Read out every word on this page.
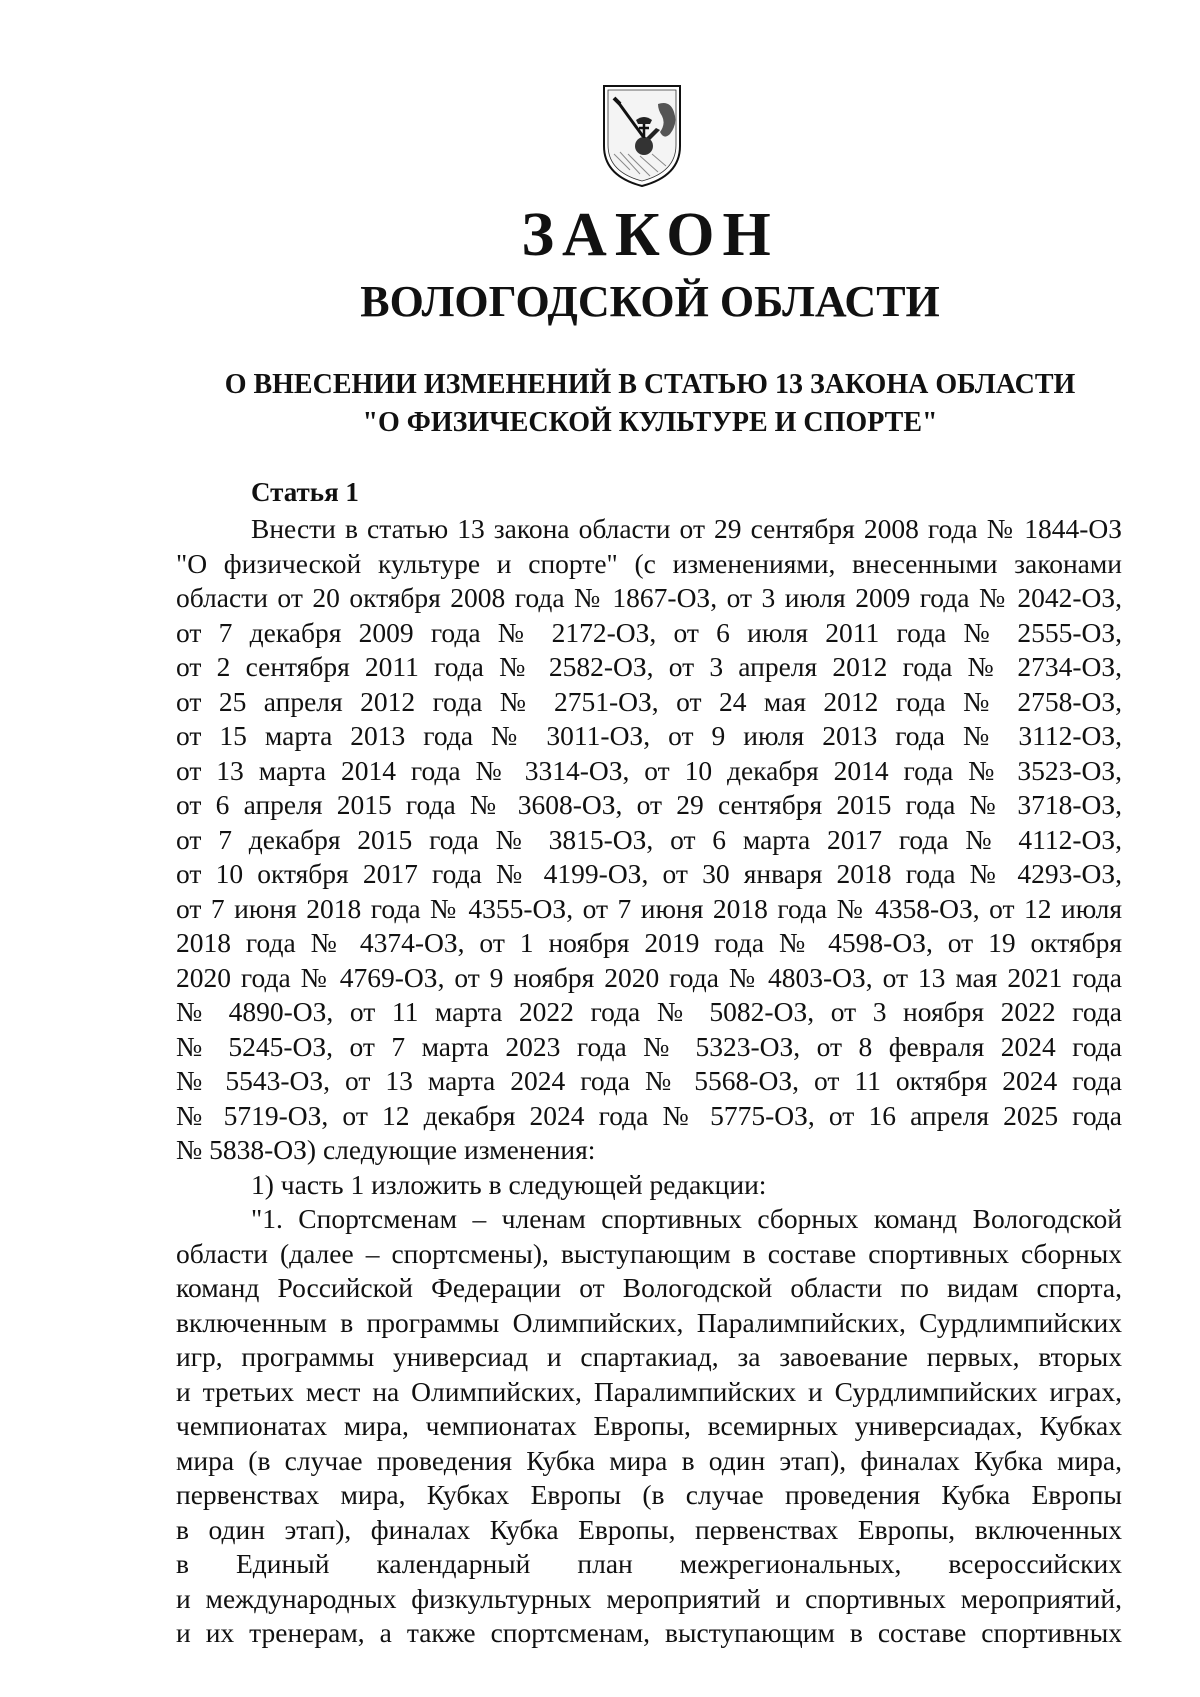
ЗАКОН
ВОЛОГОДСКОЙ ОБЛАСТИ
О ВНЕСЕНИИ ИЗМЕНЕНИЙ В СТАТЬЮ 13 ЗАКОНА ОБЛАСТИ
"О ФИЗИЧЕСКОЙ КУЛЬТУРЕ И СПОРТЕ"
Статья 1
Внести в статью 13 закона области от 29 сентября 2008 года № 1844-ОЗ
"О физической культуре и спорте" (с изменениями, внесенными законами
области от 20 октября 2008 года № 1867-ОЗ, от 3 июля 2009 года № 2042-ОЗ,
от 7 декабря 2009 года № 2172-ОЗ, от 6 июля 2011 года № 2555-ОЗ,
от 2 сентября 2011 года № 2582-ОЗ, от 3 апреля 2012 года № 2734-ОЗ,
от 25 апреля 2012 года № 2751-ОЗ, от 24 мая 2012 года № 2758-ОЗ,
от 15 марта 2013 года № 3011-ОЗ, от 9 июля 2013 года № 3112-ОЗ,
от 13 марта 2014 года № 3314-ОЗ, от 10 декабря 2014 года № 3523-ОЗ,
от 6 апреля 2015 года № 3608-ОЗ, от 29 сентября 2015 года № 3718-ОЗ,
от 7 декабря 2015 года № 3815-ОЗ, от 6 марта 2017 года № 4112-ОЗ,
от 10 октября 2017 года № 4199-ОЗ, от 30 января 2018 года № 4293-ОЗ,
от 7 июня 2018 года № 4355-ОЗ, от 7 июня 2018 года № 4358-ОЗ, от 12 июля
2018 года № 4374-ОЗ, от 1 ноября 2019 года № 4598-ОЗ, от 19 октября
2020 года № 4769-ОЗ, от 9 ноября 2020 года № 4803-ОЗ, от 13 мая 2021 года
№ 4890-ОЗ, от 11 марта 2022 года № 5082-ОЗ, от 3 ноября 2022 года
№ 5245-ОЗ, от 7 марта 2023 года № 5323-ОЗ, от 8 февраля 2024 года
№ 5543-ОЗ, от 13 марта 2024 года № 5568-ОЗ, от 11 октября 2024 года
№ 5719-ОЗ, от 12 декабря 2024 года № 5775-ОЗ, от 16 апреля 2025 года
№ 5838-ОЗ) следующие изменения:
1) часть 1 изложить в следующей редакции:
"1. Спортсменам – членам спортивных сборных команд Вологодской
области (далее – спортсмены), выступающим в составе спортивных сборных
команд Российской Федерации от Вологодской области по видам спорта,
включенным в программы Олимпийских, Паралимпийских, Сурдлимпийских
игр, программы универсиад и спартакиад, за завоевание первых, вторых
и третьих мест на Олимпийских, Паралимпийских и Сурдлимпийских играх,
чемпионатах мира, чемпионатах Европы, всемирных универсиадах, Кубках
мира (в случае проведения Кубка мира в один этап), финалах Кубка мира,
первенствах мира, Кубках Европы (в случае проведения Кубка Европы
в один этап), финалах Кубка Европы, первенствах Европы, включенных
в Единый календарный план межрегиональных, всероссийских
и международных физкультурных мероприятий и спортивных мероприятий,
и их тренерам, а также спортсменам, выступающим в составе спортивных
